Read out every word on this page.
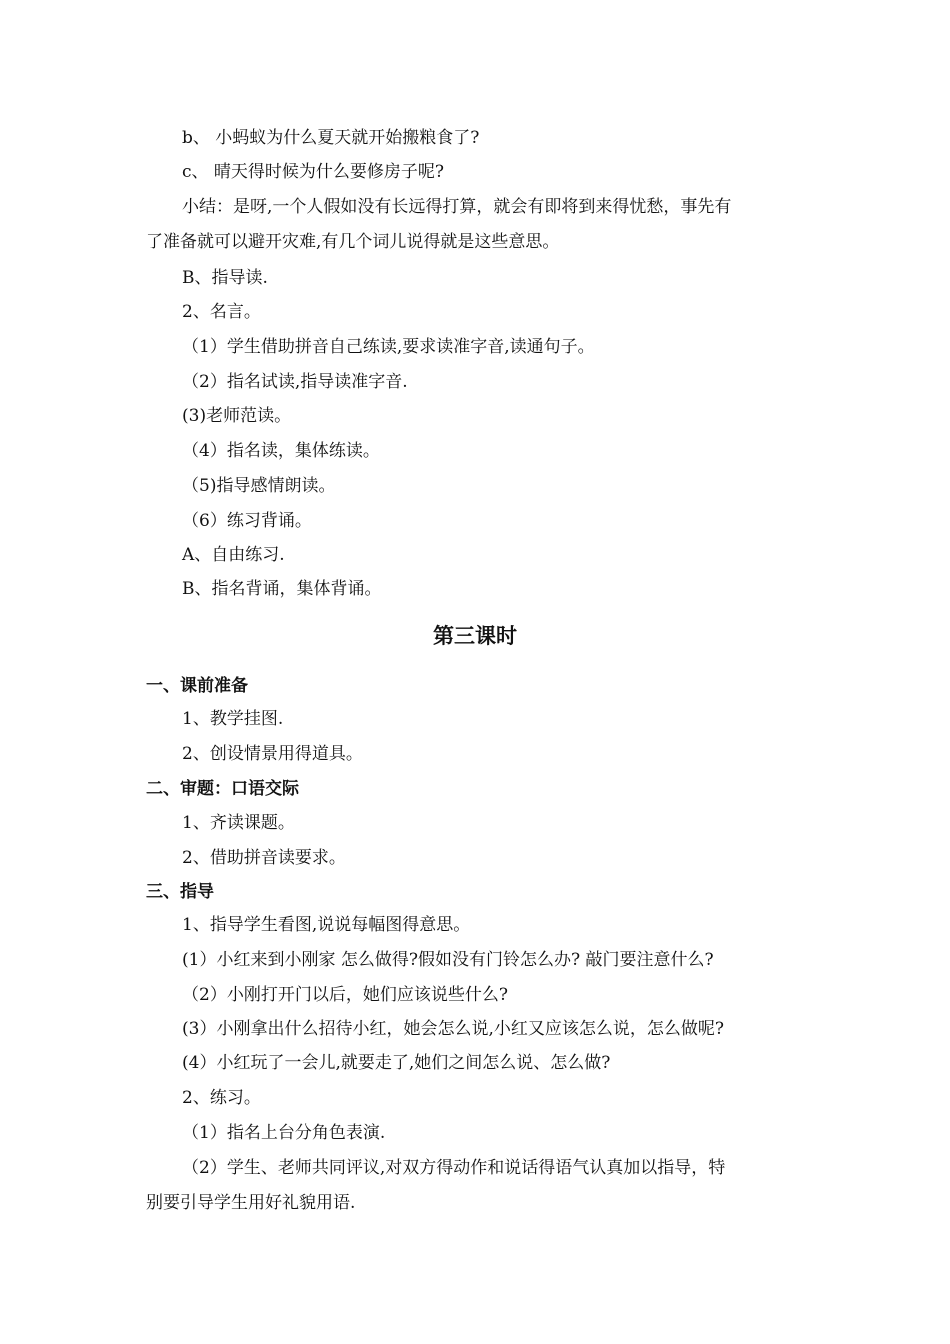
b、 小蚂蚁为什么夏天就开始搬粮食了?
c、 晴天得时候为什么要修房子呢?
小结：是呀,一个人假如没有长远得打算，就会有即将到来得忧愁，事先有
了准备就可以避开灾难,有几个词儿说得就是这些意思。
B、指导读.
2、名言。
（1）学生借助拼音自己练读,要求读准字音,读通句子。
（2）指名试读,指导读准字音.
(3)老师范读。
（4）指名读，集体练读。
（5)指导感情朗读。
（6）练习背诵。
A、自由练习.
B、指名背诵，集体背诵。
第三课时
一、课前准备
1、教学挂图.
2、创设情景用得道具。
二、审题：口语交际
1、齐读课题。
2、借助拼音读要求。
三、指导
1、指导学生看图,说说每幅图得意思。
(1）小红来到小刚家 怎么做得?假如没有门铃怎么办? 敲门要注意什么?
（2）小刚打开门以后，她们应该说些什么?
(3）小刚拿出什么招待小红，她会怎么说,小红又应该怎么说，怎么做呢?
(4）小红玩了一会儿,就要走了,她们之间怎么说、怎么做?
2、练习。
（1）指名上台分角色表演.
（2）学生、老师共同评议,对双方得动作和说话得语气认真加以指导，特
别要引导学生用好礼貌用语.
